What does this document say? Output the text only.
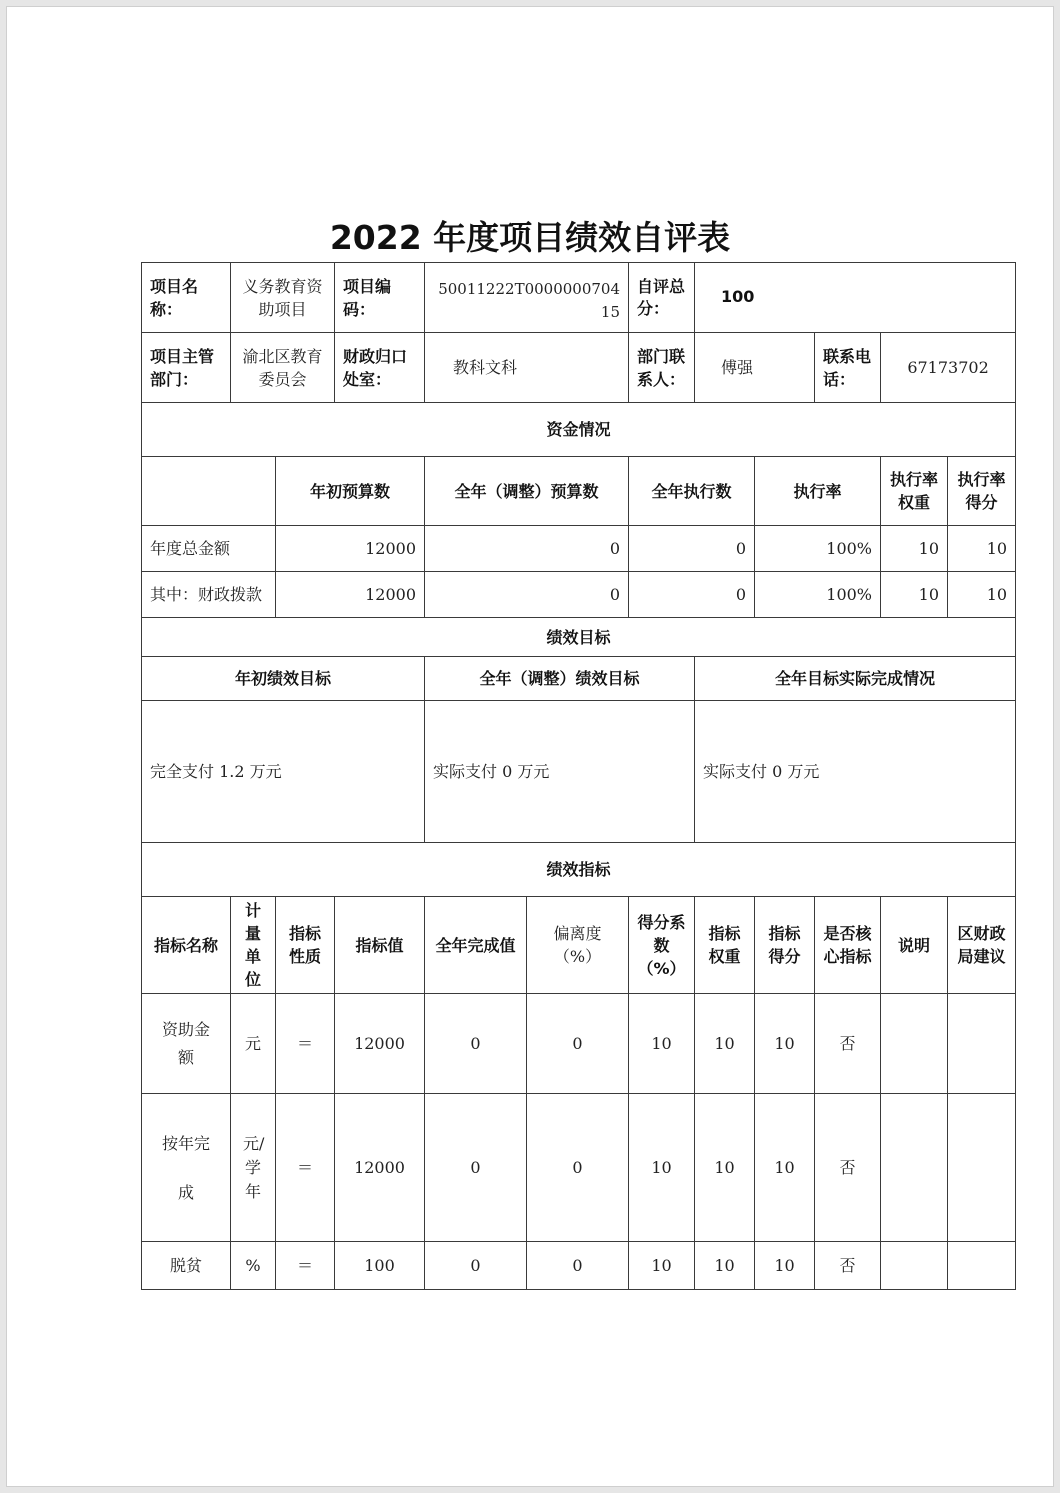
2022 年度项目绩效自评表
项目名称：	义务教育资助项目		项目编码：	50011222T000000070415		自评总分：	100				
项目主管部门：	渝北区教育委员会		财政归口处室：	教科文科		部门联系人：	傅强		联系电话：	67173702	
资金情况											
		年初预算数		全年（调整）预算数		全年执行数		执行率		执行率权重	执行率得分
年度总金额		12000		0		0		100%		10	10
其中：财政拨款		12000		0		0		100%		10	10
绩效目标											
年初绩效目标				全年（调整）绩效目标			全年目标实际完成情况				
完全支付 1.2 万元				实际支付 0 万元			实际支付 0 万元				
绩效指标											
指标名称	计量单位	指标性质	指标值	全年完成值	偏离度（%）	得分系数（%）	指标权重	指标得分	是否核心指标	说明	区财政局建议
资助金额	元	＝	12000	0	0	10	10	10	否		
按年完成	元/学年	＝	12000	0	0	10	10	10	否		
脱贫	%	＝	100	0	0	10	10	10	否		
